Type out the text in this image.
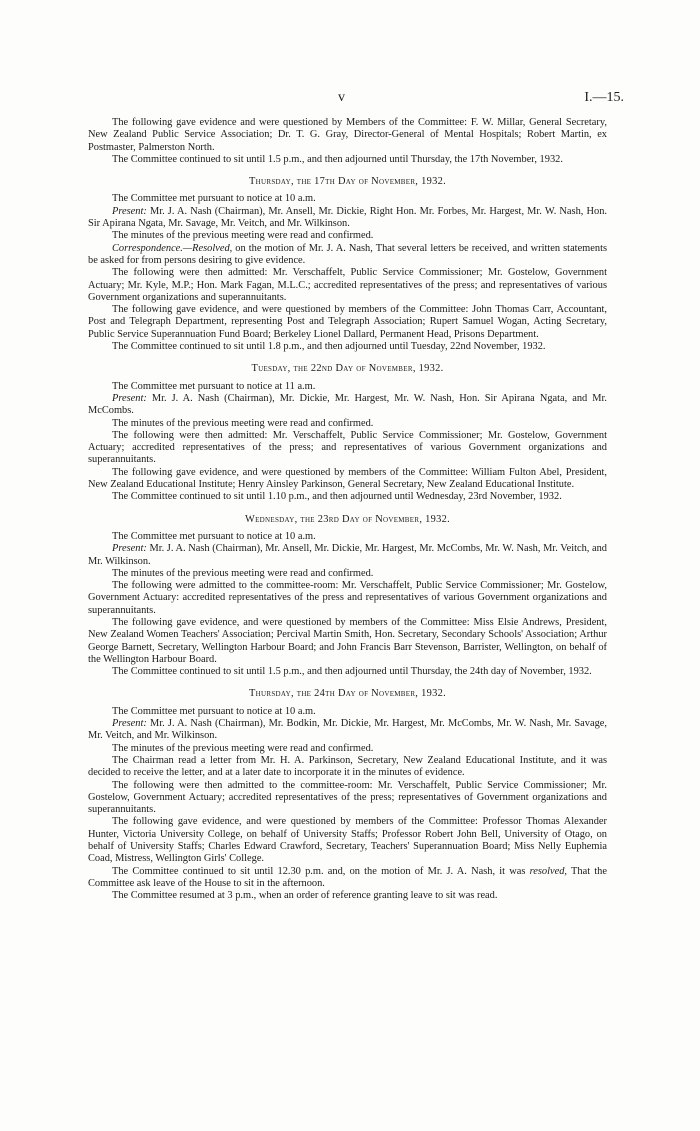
v	I.—15.

The following gave evidence and were questioned by Members of the Committee: F. W. Millar, General Secretary, New Zealand Public Service Association; Dr. T. G. Gray, Director-General of Mental Hospitals; Robert Martin, ex Postmaster, Palmerston North.

The Committee continued to sit until 1.5 p.m., and then adjourned until Thursday, the 17th November, 1932.

Thursday, the 17th Day of November, 1932.

The Committee met pursuant to notice at 10 a.m.

Present: Mr. J. A. Nash (Chairman), Mr. Ansell, Mr. Dickie, Right Hon. Mr. Forbes, Mr. Hargest, Mr. W. Nash, Hon. Sir Apirana Ngata, Mr. Savage, Mr. Veitch, and Mr. Wilkinson.

The minutes of the previous meeting were read and confirmed.

Correspondence.—Resolved, on the motion of Mr. J. A. Nash, That several letters be received, and written statements be asked for from persons desiring to give evidence.

The following were then admitted: Mr. Verschaffelt, Public Service Commissioner; Mr. Gostelow, Government Actuary; Mr. Kyle, M.P.; Hon. Mark Fagan, M.L.C.; accredited representatives of the press; and representatives of various Government organizations and superannuitants.

The following gave evidence, and were questioned by members of the Committee: John Thomas Carr, Accountant, Post and Telegraph Department, representing Post and Telegraph Association; Rupert Samuel Wogan, Acting Secretary, Public Service Superannuation Fund Board; Berkeley Lionel Dallard, Permanent Head, Prisons Department.

The Committee continued to sit until 1.8 p.m., and then adjourned until Tuesday, 22nd November, 1932.

Tuesday, the 22nd Day of November, 1932.

The Committee met pursuant to notice at 11 a.m.

Present: Mr. J. A. Nash (Chairman), Mr. Dickie, Mr. Hargest, Mr. W. Nash, Hon. Sir Apirana Ngata, and Mr. McCombs.

The minutes of the previous meeting were read and confirmed.

The following were then admitted: Mr. Verschaffelt, Public Service Commissioner; Mr. Gostelow, Government Actuary; accredited representatives of the press; and representatives of various Government organizations and superannuitants.

The following gave evidence, and were questioned by members of the Committee: William Fulton Abel, President, New Zealand Educational Institute; Henry Ainsley Parkinson, General Secretary, New Zealand Educational Institute.

The Committee continued to sit until 1.10 p.m., and then adjourned until Wednesday, 23rd November, 1932.

Wednesday, the 23rd Day of November, 1932.

The Committee met pursuant to notice at 10 a.m.

Present: Mr. J. A. Nash (Chairman), Mr. Ansell, Mr. Dickie, Mr. Hargest, Mr. McCombs, Mr. W. Nash, Mr. Veitch, and Mr. Wilkinson.

The minutes of the previous meeting were read and confirmed.

The following were admitted to the committee-room: Mr. Verschaffelt, Public Service Commissioner; Mr. Gostelow, Government Actuary: accredited representatives of the press and representatives of various Government organizations and superannuitants.

The following gave evidence, and were questioned by members of the Committee: Miss Elsie Andrews, President, New Zealand Women Teachers' Association; Percival Martin Smith, Hon. Secretary, Secondary Schools' Association; Arthur George Barnett, Secretary, Wellington Harbour Board; and John Francis Barr Stevenson, Barrister, Wellington, on behalf of the Wellington Harbour Board.

The Committee continued to sit until 1.5 p.m., and then adjourned until Thursday, the 24th day of November, 1932.

Thursday, the 24th Day of November, 1932.

The Committee met pursuant to notice at 10 a.m.

Present: Mr. J. A. Nash (Chairman), Mr. Bodkin, Mr. Dickie, Mr. Hargest, Mr. McCombs, Mr. W. Nash, Mr. Savage, Mr. Veitch, and Mr. Wilkinson.

The minutes of the previous meeting were read and confirmed.

The Chairman read a letter from Mr. H. A. Parkinson, Secretary, New Zealand Educational Institute, and it was decided to receive the letter, and at a later date to incorporate it in the minutes of evidence.

The following were then admitted to the committee-room: Mr. Verschaffelt, Public Service Commissioner; Mr. Gostelow, Government Actuary; accredited representatives of the press; representatives of Government organizations and superannuitants.

The following gave evidence, and were questioned by members of the Committee: Professor Thomas Alexander Hunter, Victoria University College, on behalf of University Staffs; Professor Robert John Bell, University of Otago, on behalf of University Staffs; Charles Edward Crawford, Secretary, Teachers' Superannuation Board; Miss Nelly Euphemia Coad, Mistress, Wellington Girls' College.

The Committee continued to sit until 12.30 p.m. and, on the motion of Mr. J. A. Nash, it was resolved, That the Committee ask leave of the House to sit in the afternoon.

The Committee resumed at 3 p.m., when an order of reference granting leave to sit was read.
